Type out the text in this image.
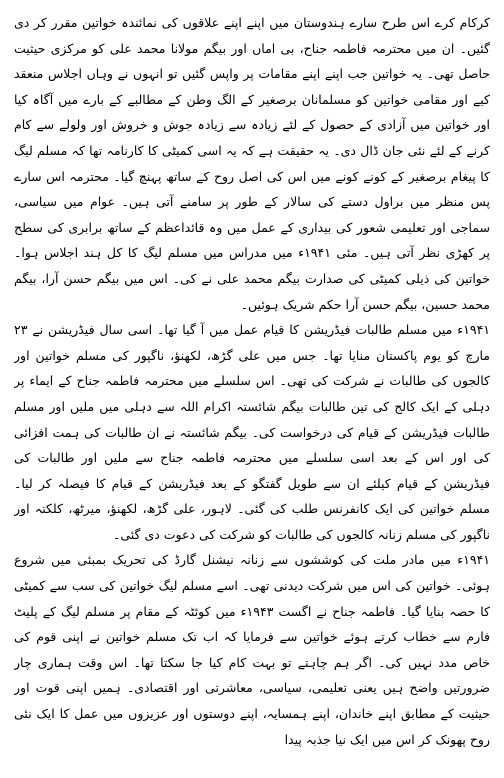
کرکام کرے اس طرح سارے ہندوستان میں اپنے اپنے علاقوں کی نمائندہ خواتین مقرر کر دی گئیں۔ ان میں محترمہ فاطمہ جناح، بی اماں اور بیگم مولانا محمد علی کو مرکزی حیثیت حاصل تھی۔ یہ خواتین جب اپنے اپنے مقامات پر واپس گئیں تو انہوں نے وہاں اجلاس منعقد کیے اور مقامی خواتین کو مسلمانان برصغیر کے الگ وطن کے مطالبے کے بارے میں آگاہ کیا اور خواتین میں آزادی کے حصول کے لئے زیادہ سے زیادہ جوش و خروش اور ولولے سے کام کرنے کے لئے نئی جان ڈال دی۔ یہ حقیقت ہے کہ یہ اسی کمیٹی کا کارنامہ تھا کہ مسلم لیگ کا پیغام برصغیر کے کونے کونے میں اس کی اصل روح کے ساتھ پہنچ گیا۔ محترمہ اس سارے پس منظر میں براول دستے کی سالار کے طور پر سامنے آتی ہیں۔ عوام میں سیاسی، سماجی اور تعلیمی شعور کی بیداری کے عمل میں وہ قائداعظم کے ساتھ برابری کی سطح پر کھڑی نظر آتی ہیں۔ مئی ۱۹۴۱ء میں مدراس میں مسلم لیگ کا کل ہند اجلاس ہوا۔ خواتین کی ذیلی کمیٹی کی صدارت بیگم محمد علی نے کی۔ اس میں بیگم حسن آرا، بیگم محمد حسین، بیگم حسن آرا حکم شریک ہوئیں۔

۱۹۴۱ء میں مسلم طالبات فیڈریشن کا قیام عمل میں آ گیا تھا۔ اسی سال فیڈریشن نے ۲۳ مارچ کو یوم پاکستان منایا تھا۔ جس میں علی گڑھ، لکھنؤ، ناگپور کی مسلم خواتین اور کالجوں کی طالبات نے شرکت کی تھی۔ اس سلسلے میں محترمہ فاطمہ جناح کے ایماء پر دہلی کے ایک کالج کی تین طالبات بیگم شائستہ اکرام اللہ سے دہلی میں ملیں اور مسلم طالبات فیڈریشن کے قیام کی درخواست کی۔ بیگم شائستہ نے ان طالبات کی ہمت افزائی کی اور اس کے بعد اسی سلسلے میں محترمہ فاطمہ جناح سے ملیں اور طالبات کی فیڈریشن کے قیام کیلئے ان سے طویل گفتگو کے بعد فیڈریشن کے قیام کا فیصلہ کر لیا۔ مسلم خواتین کی ایک کانفرنس طلب کی گئی۔ لاہور، علی گڑھ، لکھنؤ، میرٹھ، کلکتہ اور ناگپور کی مسلم زنانہ کالجوں کی طالبات کو شرکت کی دعوت دی گئی۔

۱۹۴۱ء میں مادر ملت کی کوششوں سے زنانہ نیشنل گارڈ کی تحریک بمبئی میں شروع ہوئی۔ خواتین کی اس میں شرکت دیدنی تھی۔ اسے مسلم لیگ خواتین کی سب سے کمیٹی کا حصہ بنایا گیا۔ فاطمہ جناح نے اگست ۱۹۴۳ء میں کوئٹہ کے مقام پر مسلم لیگ کے پلیٹ فارم سے خطاب کرتے ہوئے خواتین سے فرمایا کہ اب تک مسلم خواتین نے اپنی قوم کی خاص مدد نہیں کی۔ اگر ہم چاہتے تو بہت کام کیا جا سکتا تھا۔ اس وقت ہماری چار ضرورتیں واضح ہیں یعنی تعلیمی، سیاسی، معاشرتی اور اقتصادی۔ ہمیں اپنی قوت اور حیثیت کے مطابق اپنے خاندان، اپنے ہمسایہ، اپنے دوستوں اور عزیزوں میں عمل کا ایک نئی روح پھونک کر اس میں ایک نیا جذبہ پیدا
